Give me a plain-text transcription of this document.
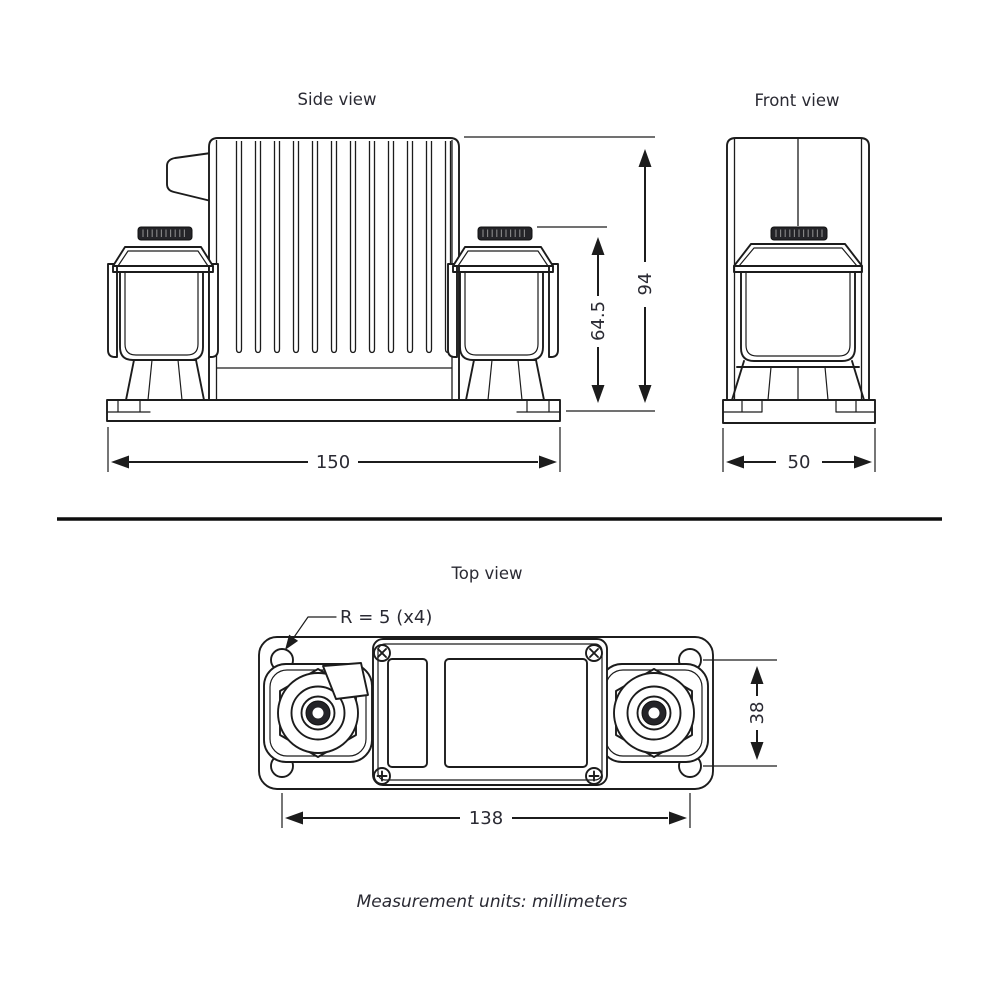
Side view
150
64.5
94
Front view
50
Top view
R = 5 (x4)
138
38
Measurement units: millimeters
